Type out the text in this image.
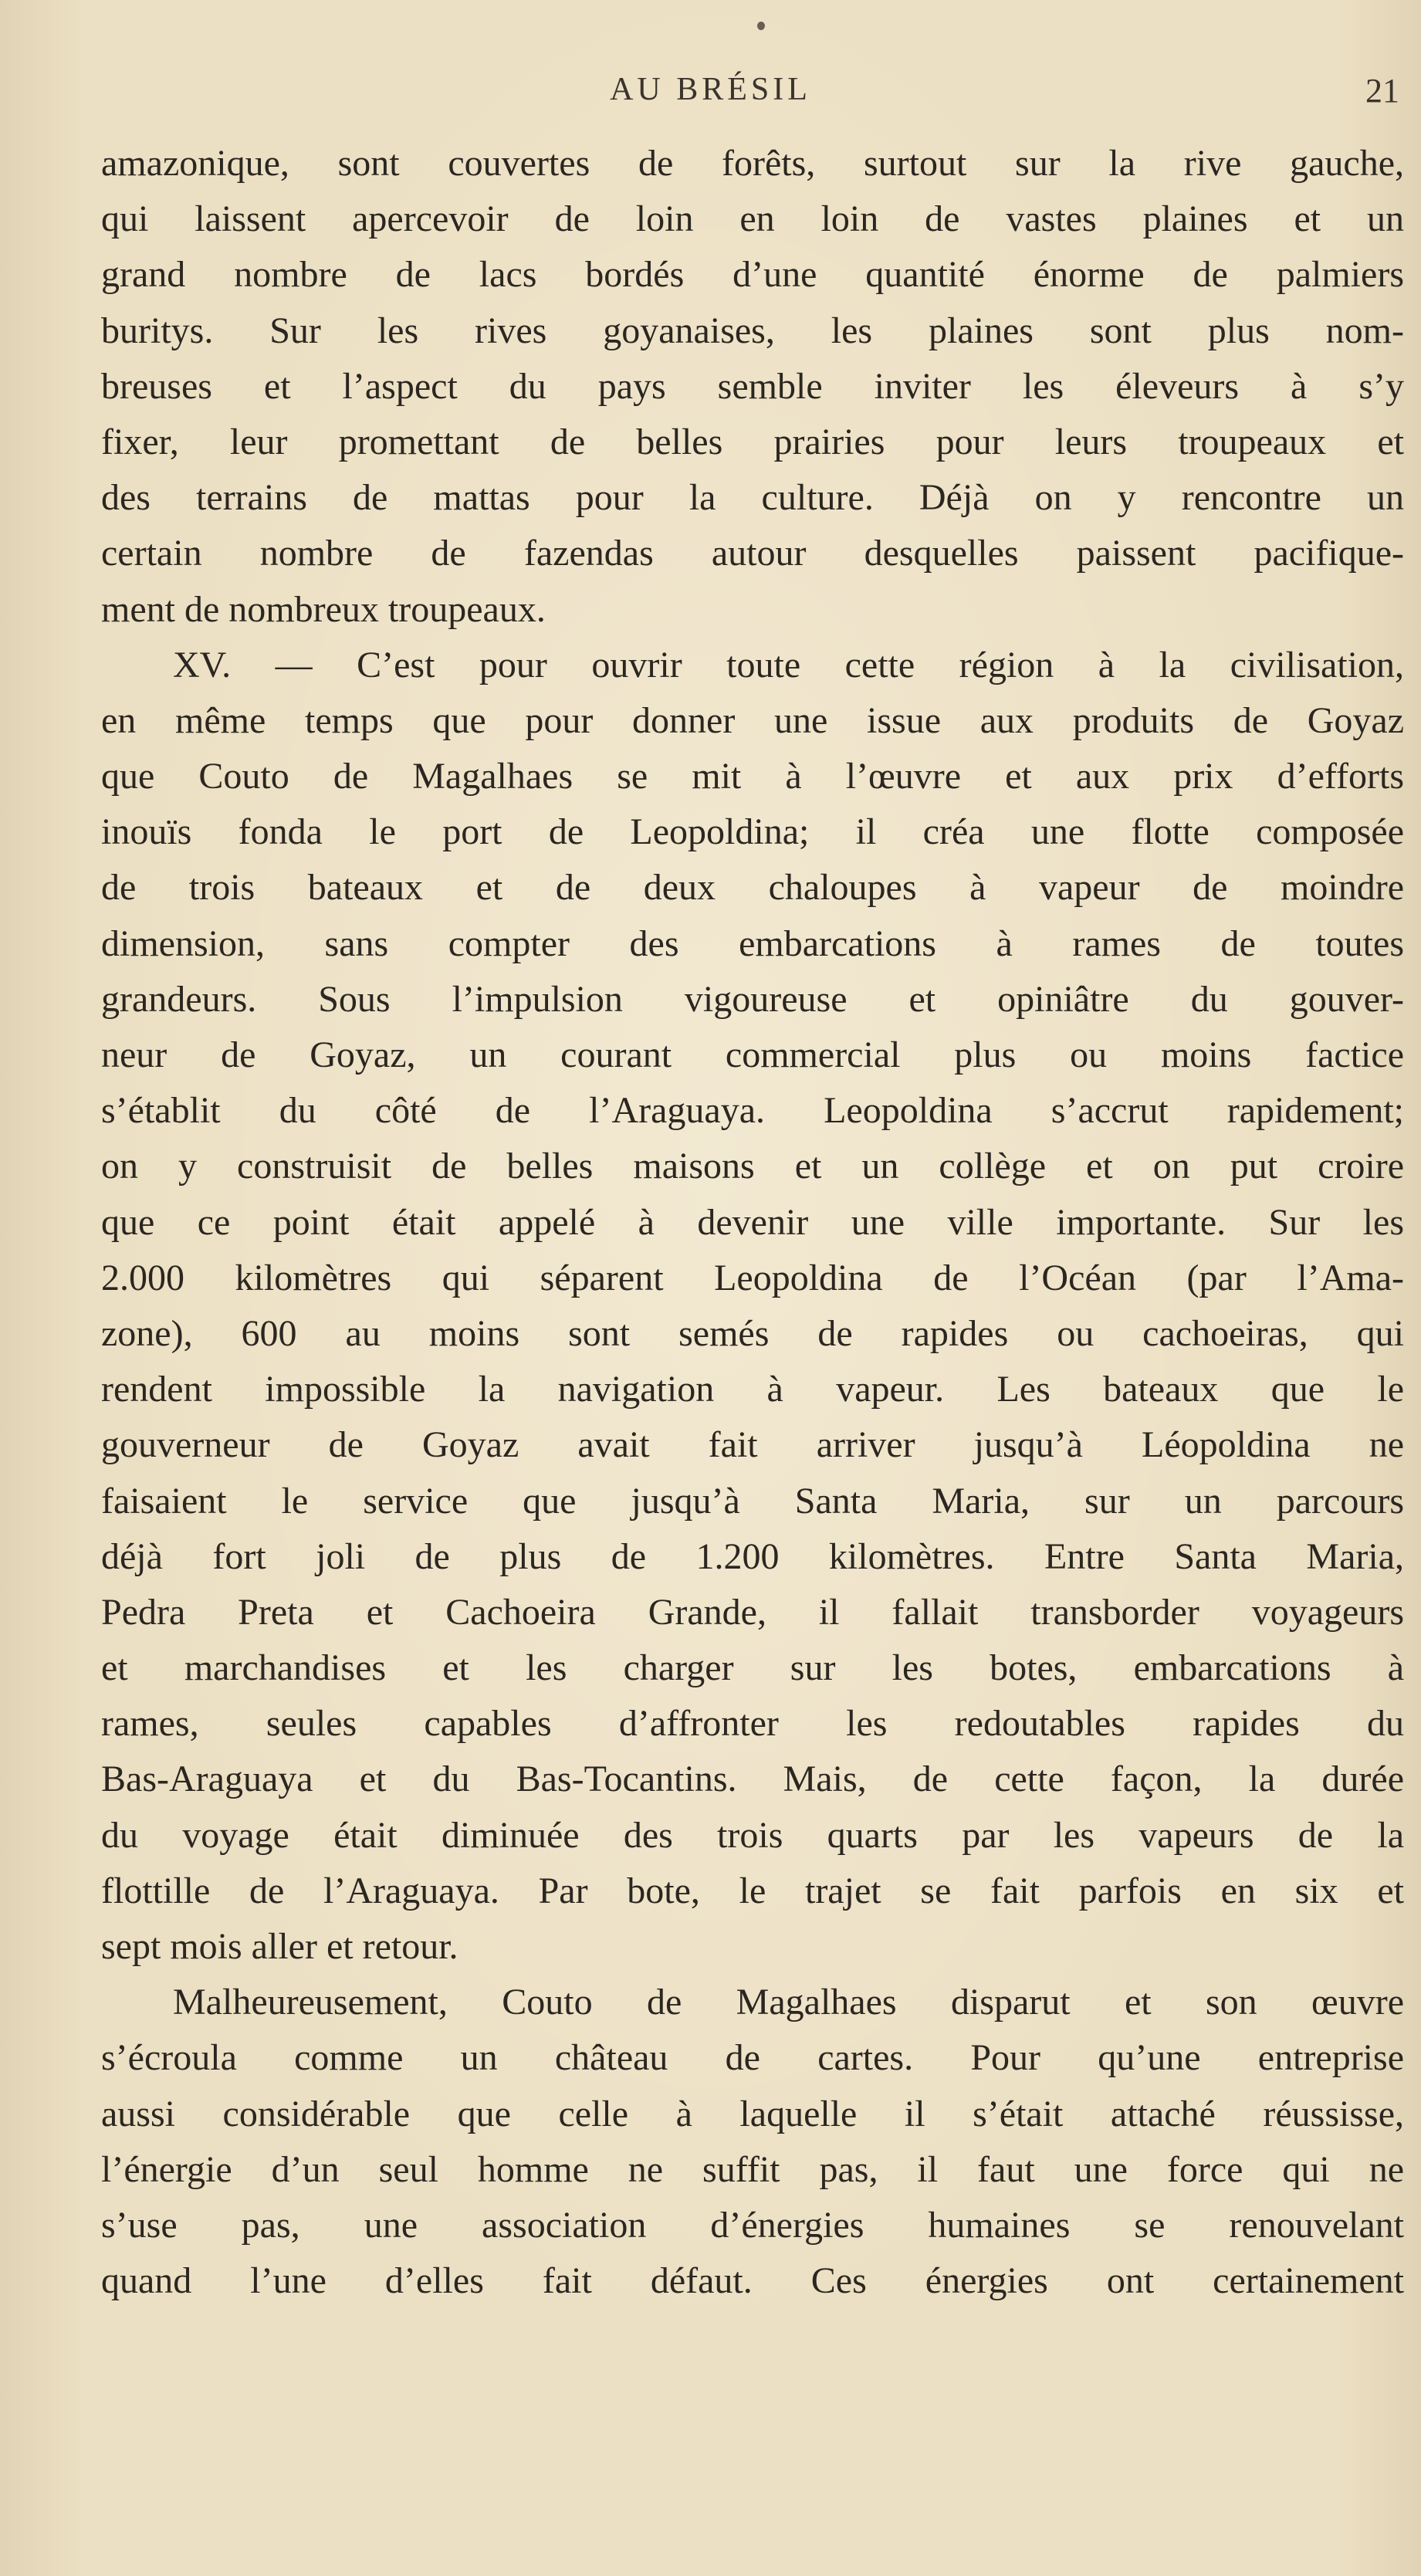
AU BRÉSIL	21
amazonique, sont couvertes de forêts, surtout sur la rive gauche,
qui laissent apercevoir de loin en loin de vastes plaines et un
grand nombre de lacs bordés d’une quantité énorme de palmiers
buritys. Sur les rives goyanaises, les plaines sont plus nom-
breuses et l’aspect du pays semble inviter les éleveurs à s’y
fixer, leur promettant de belles prairies pour leurs troupeaux et
des terrains de mattas pour la culture. Déjà on y rencontre un
certain nombre de fazendas autour desquelles paissent pacifique-
ment de nombreux troupeaux.
XV. — C’est pour ouvrir toute cette région à la civilisation,
en même temps que pour donner une issue aux produits de Goyaz
que Couto de Magalhaes se mit à l’œuvre et aux prix d’efforts
inouïs fonda le port de Leopoldina; il créa une flotte composée
de trois bateaux et de deux chaloupes à vapeur de moindre
dimension, sans compter des embarcations à rames de toutes
grandeurs. Sous l’impulsion vigoureuse et opiniâtre du gouver-
neur de Goyaz, un courant commercial plus ou moins factice
s’établit du côté de l’Araguaya. Leopoldina s’accrut rapidement;
on y construisit de belles maisons et un collège et on put croire
que ce point était appelé à devenir une ville importante. Sur les
2.000 kilomètres qui séparent Leopoldina de l’Océan (par l’Ama-
zone), 600 au moins sont semés de rapides ou cachoeiras, qui
rendent impossible la navigation à vapeur. Les bateaux que le
gouverneur de Goyaz avait fait arriver jusqu’à Léopoldina ne
faisaient le service que jusqu’à Santa Maria, sur un parcours
déjà fort joli de plus de 1.200 kilomètres. Entre Santa Maria,
Pedra Preta et Cachoeira Grande, il fallait transborder voyageurs
et marchandises et les charger sur les botes, embarcations à
rames, seules capables d’affronter les redoutables rapides du
Bas-Araguaya et du Bas-Tocantins. Mais, de cette façon, la durée
du voyage était diminuée des trois quarts par les vapeurs de la
flottille de l’Araguaya. Par bote, le trajet se fait parfois en six et
sept mois aller et retour.
Malheureusement, Couto de Magalhaes disparut et son œuvre
s’écroula comme un château de cartes. Pour qu’une entreprise
aussi considérable que celle à laquelle il s’était attaché réussisse,
l’énergie d’un seul homme ne suffit pas, il faut une force qui ne
s’use pas, une association d’énergies humaines se renouvelant
quand l’une d’elles fait défaut. Ces énergies ont certainement
